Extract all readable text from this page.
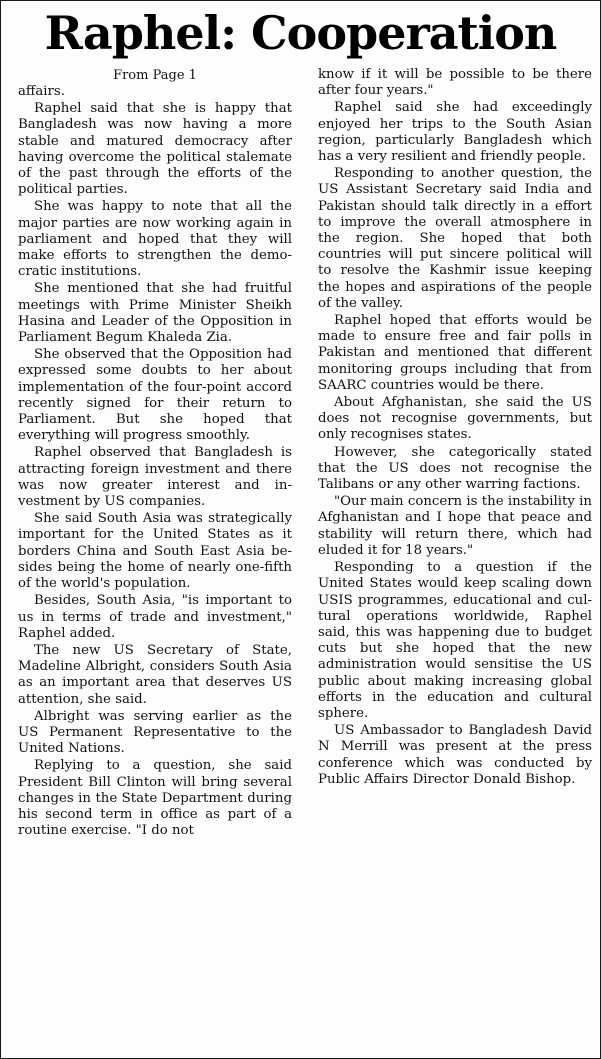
Raphel: Cooperation
From Page 1

affairs.

Raphel said that she is happy that Bangladesh was now having a more stable and matured democracy after having overcome the political stalemate of the past through the efforts of the political parties.

She was happy to note that all the major parties are now working again in parliament and hoped that they will make efforts to strengthen the democratic institutions.

She mentioned that she had fruitful meetings with Prime Minister Sheikh Hasina and Leader of the Opposition in Parliament Begum Khaleda Zia.

She observed that the Opposition had expressed some doubts to her about implementation of the four-point accord recently signed for their return to Parliament. But she hoped that everything will progress smoothly.

Raphel observed that Bangladesh is attracting foreign investment and there was now greater interest and investment by US companies.

She said South Asia was strategically important for the United States as it borders China and South East Asia besides being the home of nearly one-fifth of the world's population.

Besides, South Asia, "is important to us in terms of trade and investment," Raphel added.

The new US Secretary of State, Madeline Albright, considers South Asia as an important area that deserves US attention, she said.

Albright was serving earlier as the US Permanent Representative to the United Nations.

Replying to a question, she said President Bill Clinton will bring several changes in the State Department during his second term in office as part of a routine exercise. "I do not

know if it will be possible to be there after four years."

Raphel said she had exceedingly enjoyed her trips to the South Asian region, particularly Bangladesh which has a very resilient and friendly people.

Responding to another question, the US Assistant Secretary said India and Pakistan should talk directly in a effort to improve the overall atmosphere in the region. She hoped that both countries will put sincere political will to resolve the Kashmir issue keeping the hopes and aspirations of the people of the valley.

Raphel hoped that efforts would be made to ensure free and fair polls in Pakistan and mentioned that different monitoring groups including that from SAARC countries would be there.

About Afghanistan, she said the US does not recognise governments, but only recognises states.

However, she categorically stated that the US does not recognise the Talibans or any other warring factions.

"Our main concern is the instability in Afghanistan and I hope that peace and stability will return there, which had eluded it for 18 years."

Responding to a question if the United States would keep scaling down USIS programmes, educational and cultural operations worldwide, Raphel said, this was happening due to budget cuts but she hoped that the new administration would sensitise the US public about making increasing global efforts in the education and cultural sphere.

US Ambassador to Bangladesh David N Merrill was present at the press conference which was conducted by Public Affairs Director Donald Bishop.
